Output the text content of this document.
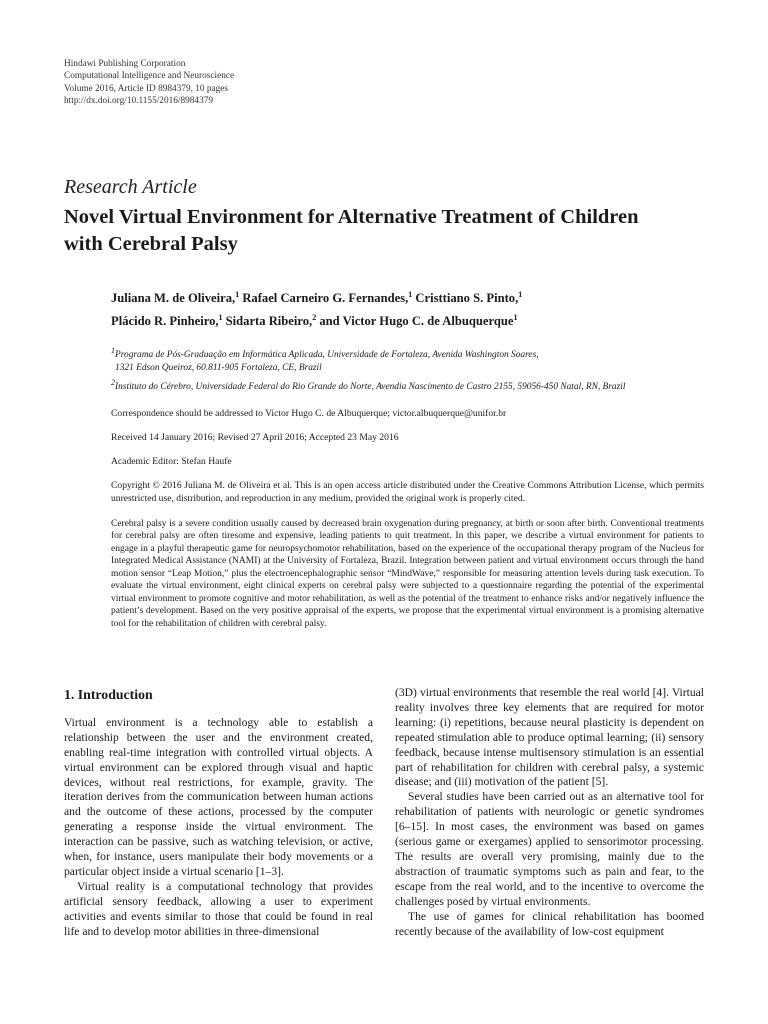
Hindawi Publishing Corporation
Computational Intelligence and Neuroscience
Volume 2016, Article ID 8984379, 10 pages
http://dx.doi.org/10.1155/2016/8984379
Research Article
Novel Virtual Environment for Alternative Treatment of Children with Cerebral Palsy
Juliana M. de Oliveira,$^1$ Rafael Carneiro G. Fernandes,$^1$ Cristtiano S. Pinto,$^1$
Plácido R. Pinheiro,$^1$ Sidarta Ribeiro,$^2$ and Victor Hugo C. de Albuquerque$^1$
$^1$Programa de Pós-Graduação em Informática Aplicada, Universidade de Fortaleza, Avenida Washington Soares,
1321 Edson Queiroz, 60.811-905 Fortaleza, CE, Brazil
$^2$Instituto do Cérebro, Universidade Federal do Rio Grande do Norte, Avendia Nascimento de Castro 2155, 59056-450 Natal, RN, Brazil
Correspondence should be addressed to Victor Hugo C. de Albuquerque; victor.albuquerque@unifor.br
Received 14 January 2016; Revised 27 April 2016; Accepted 23 May 2016
Academic Editor: Stefan Haufe
Copyright © 2016 Juliana M. de Oliveira et al. This is an open access article distributed under the Creative Commons Attribution License, which permits unrestricted use, distribution, and reproduction in any medium, provided the original work is properly cited.
Cerebral palsy is a severe condition usually caused by decreased brain oxygenation during pregnancy, at birth or soon after birth. Conventional treatments for cerebral palsy are often tiresome and expensive, leading patients to quit treatment. In this paper, we describe a virtual environment for patients to engage in a playful therapeutic game for neuropsychomotor rehabilitation, based on the experience of the occupational therapy program of the Nucleus for Integrated Medical Assistance (NAMI) at the University of Fortaleza, Brazil. Integration between patient and virtual environment occurs through the hand motion sensor “Leap Motion,” plus the electroencephalographic sensor “MindWave,” responsible for measuring attention levels during task execution. To evaluate the virtual environment, eight clinical experts on cerebral palsy were subjected to a questionnaire regarding the potential of the experimental virtual environment to promote cognitive and motor rehabilitation, as well as the potential of the treatment to enhance risks and/or negatively influence the patient’s development. Based on the very positive appraisal of the experts, we propose that the experimental virtual environment is a promising alternative tool for the rehabilitation of children with cerebral palsy.
1. Introduction

Virtual environment is a technology able to establish a relationship between the user and the environment created, enabling real-time integration with controlled virtual objects. A virtual environment can be explored through visual and haptic devices, without real restrictions, for example, gravity. The iteration derives from the communication between human actions and the outcome of these actions, processed by the computer generating a response inside the virtual environment. The interaction can be passive, such as watching television, or active, when, for instance, users manipulate their body movements or a particular object inside a virtual scenario [1–3].

Virtual reality is a computational technology that provides artificial sensory feedback, allowing a user to experiment activities and events similar to those that could be found in real life and to develop motor abilities in three-dimensional

(3D) virtual environments that resemble the real world [4]. Virtual reality involves three key elements that are required for motor learning: (i) repetitions, because neural plasticity is dependent on repeated stimulation able to produce optimal learning; (ii) sensory feedback, because intense multisensory stimulation is an essential part of rehabilitation for children with cerebral palsy, a systemic disease; and (iii) motivation of the patient [5].

Several studies have been carried out as an alternative tool for rehabilitation of patients with neurologic or genetic syndromes [6–15]. In most cases, the environment was based on games (serious game or exergames) applied to sensorimotor processing. The results are overall very promising, mainly due to the abstraction of traumatic symptoms such as pain and fear, to the escape from the real world, and to the incentive to overcome the challenges posed by virtual environments.

The use of games for clinical rehabilitation has boomed recently because of the availability of low-cost equipment
